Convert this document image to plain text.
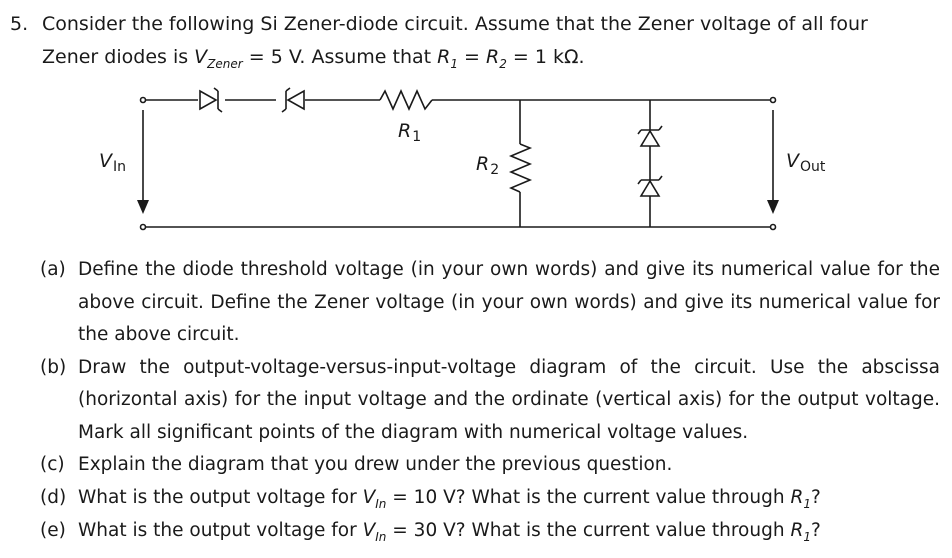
5. Consider the following Si Zener-diode circuit. Assume that the Zener voltage of all four
Zener diodes is $V_{Zener} = 5$ V. Assume that $R_1 = R_2 = 1$ kΩ.
$V_{In}$	$V_{Out}$
$R_1$
$R_2$
(a) Define the diode threshold voltage (in your own words) and give its numerical value for the above circuit. Define the Zener voltage (in your own words) and give its numerical value for the above circuit.
(b) Draw the output-voltage-versus-input-voltage diagram of the circuit. Use the abscissa (horizontal axis) for the input voltage and the ordinate (vertical axis) for the output voltage. Mark all significant points of the diagram with numerical voltage values.
(c) Explain the diagram that you drew under the previous question.
(d) What is the output voltage for $V_{In} = 10$ V? What is the current value through $R_1$?
(e) What is the output voltage for $V_{In} = 30$ V? What is the current value through $R_1$?
